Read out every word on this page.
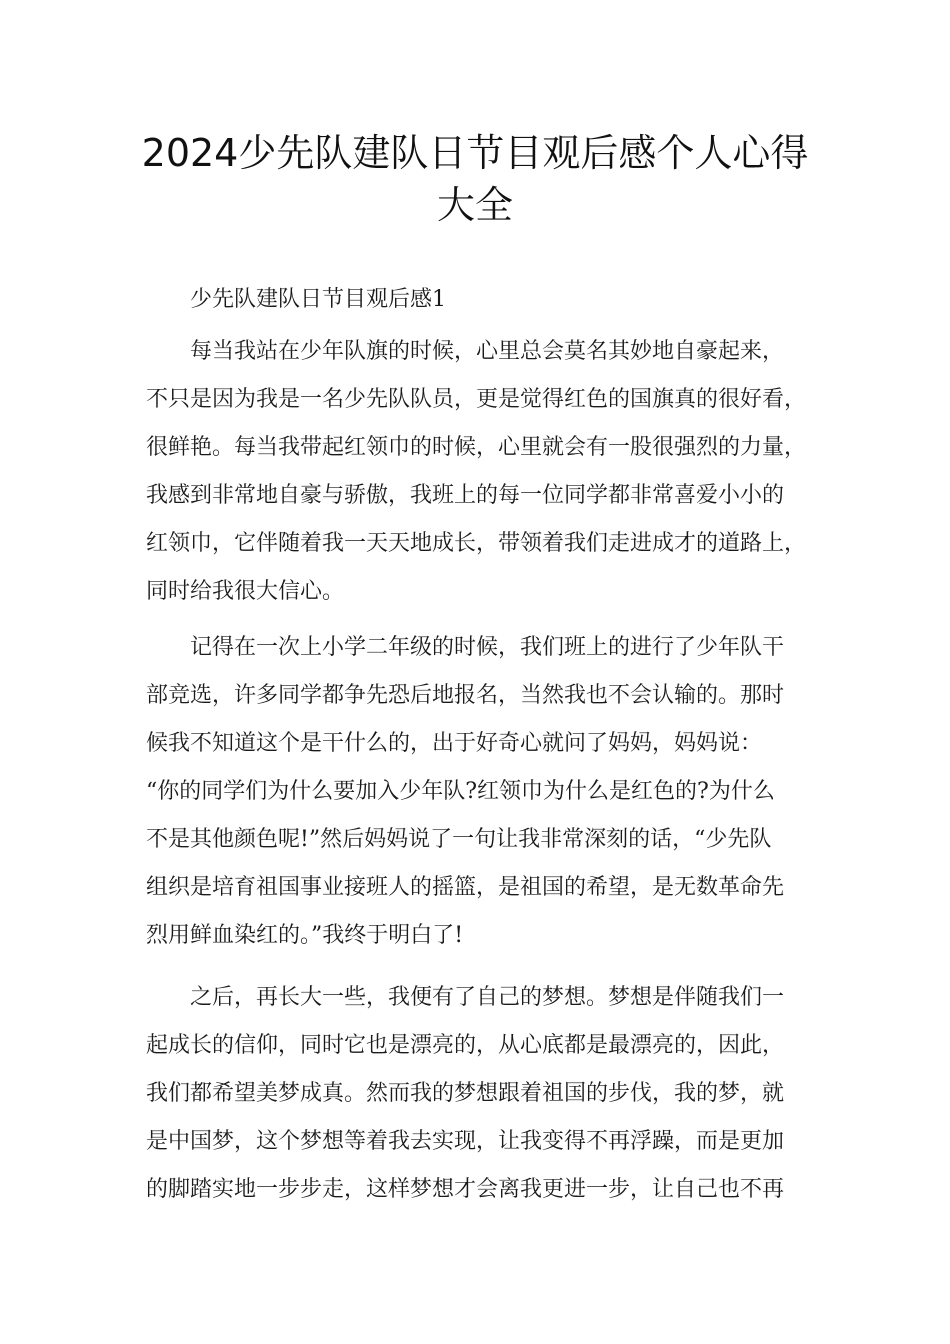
2024少先队建队日节目观后感个人心得
大全
少先队建队日节目观后感1
每当我站在少年队旗的时候，心里总会莫名其妙地自豪起来，
不只是因为我是一名少先队队员，更是觉得红色的国旗真的很好看，
很鲜艳。每当我带起红领巾的时候，心里就会有一股很强烈的力量，
我感到非常地自豪与骄傲，我班上的每一位同学都非常喜爱小小的
红领巾，它伴随着我一天天地成长，带领着我们走进成才的道路上，
同时给我很大信心。
记得在一次上小学二年级的时候，我们班上的进行了少年队干
部竞选，许多同学都争先恐后地报名，当然我也不会认输的。那时
候我不知道这个是干什么的，出于好奇心就问了妈妈，妈妈说：
“你的同学们为什么要加入少年队?红领巾为什么是红色的?为什么
不是其他颜色呢!”然后妈妈说了一句让我非常深刻的话，“少先队
组织是培育祖国事业接班人的摇篮，是祖国的希望，是无数革命先
烈用鲜血染红的。”我终于明白了!
之后，再长大一些，我便有了自己的梦想。梦想是伴随我们一
起成长的信仰，同时它也是漂亮的，从心底都是最漂亮的，因此，
我们都希望美梦成真。然而我的梦想跟着祖国的步伐，我的梦，就
是中国梦，这个梦想等着我去实现，让我变得不再浮躁，而是更加
的脚踏实地一步步走，这样梦想才会离我更进一步，让自己也不再
